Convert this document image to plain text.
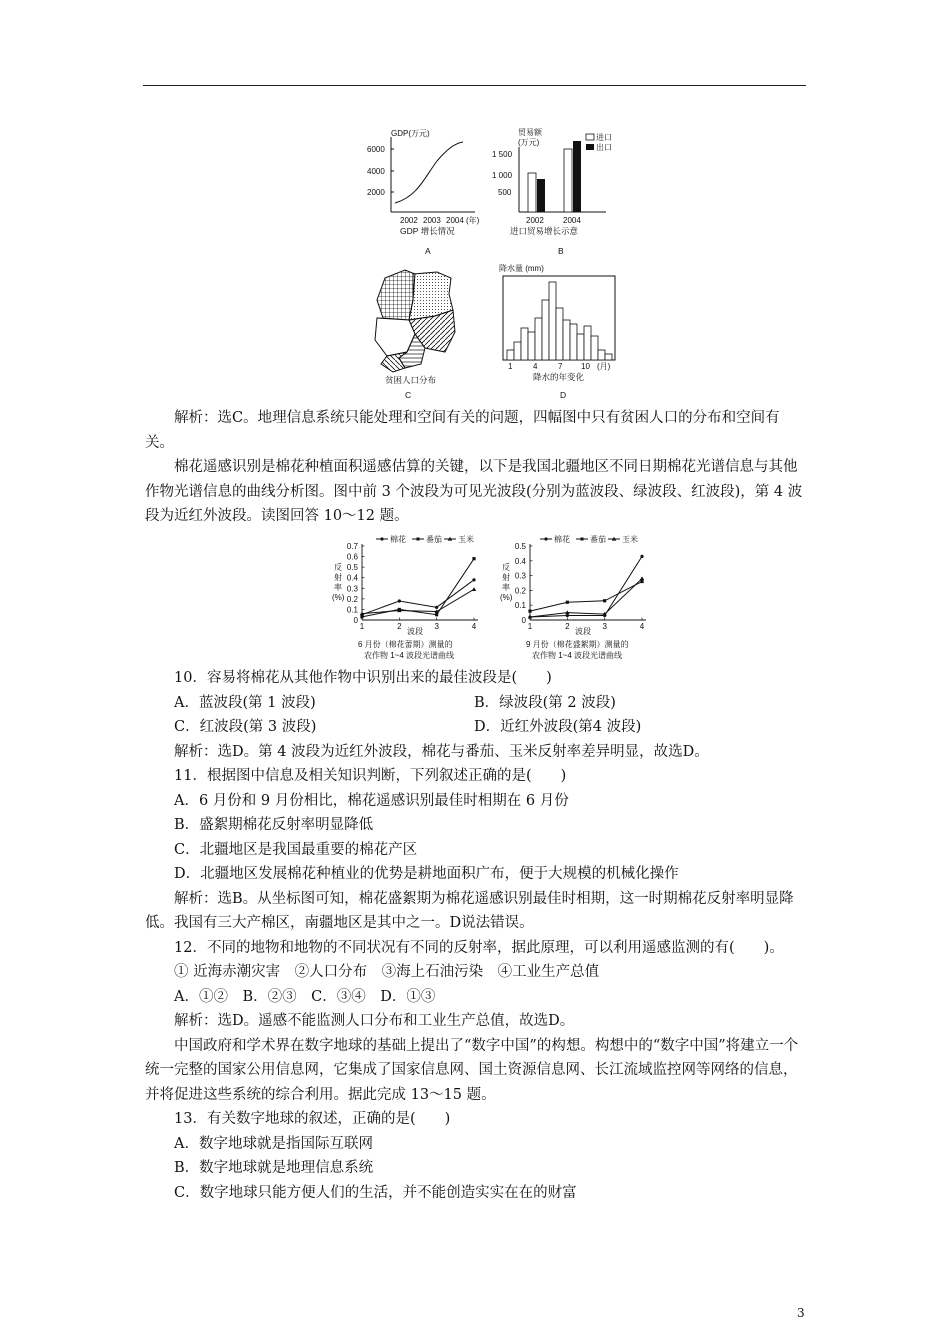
GDP(万元)
6000
4000
2000
2002 2003 2004 (年)
GDP 增长情况
A
贸易额
(万元)
1 500
1 000
500
进口
出口
2002 2004
进口贸易增长示意
B
贫困人口分布
C
降水量 (mm)
1	4	7 10 (月)
降水的年变化
D

解析：选C。地理信息系统只能处理和空间有关的问题，四幅图中只有贫困人口的分布和空间有关。

棉花遥感识别是棉花种植面积遥感估算的关键，以下是我国北疆地区不同日期棉花光谱信息与其他作物光谱信息的曲线分析图。图中前 3 个波段为可见光波段(分别为蓝波段、绿波段、红波段)，第 4 波段为近红外波段。读图回答 10～12 题。

棉花	番茄 玉米
反
射
率
(%)
0.7
0.6
0.5
0.4
0.3
0.2
0.1
0
1	2	3	4
波段
6 月份（棉花蕾期）测量的
农作物 1~4 波段光谱曲线
棉花	番茄 玉米
反
射
率
(%)
0.5
0.4
0.3
0.2
0.1
0
1	2	3	4
波段
9 月份（棉花盛絮期）测量的
农作物 1~4 波段光谱曲线

10．容易将棉花从其他作物中识别出来的最佳波段是(　　)

A．蓝波段(第 1 波段)	B．绿波段(第 2 波段)
C．红波段(第 3 波段)	D．近红外波段(第4 波段)

解析：选D。第 4 波段为近红外波段，棉花与番茄、玉米反射率差异明显，故选D。

11．根据图中信息及相关知识判断，下列叙述正确的是(　　)

A．6 月份和 9 月份相比，棉花遥感识别最佳时相期在 6 月份

B．盛絮期棉花反射率明显降低

C．北疆地区是我国最重要的棉花产区

D．北疆地区发展棉花种植业的优势是耕地面积广布，便于大规模的机械化操作

解析：选B。从坐标图可知，棉花盛絮期为棉花遥感识别最佳时相期，这一时期棉花反射率明显降低。我国有三大产棉区，南疆地区是其中之一。D说法错误。

12．不同的地物和地物的不同状况有不同的反射率，据此原理，可以利用遥感监测的有(　　)。

① 近海赤潮灾害　②人口分布　③海上石油污染　④工业生产总值

A．①②　B．②③　C．③④　D．①③

解析：选D。遥感不能监测人口分布和工业生产总值，故选D。

中国政府和学术界在数字地球的基础上提出了“数字中国”的构想。构想中的“数字中国”将建立一个统一完整的国家公用信息网，它集成了国家信息网、国土资源信息网、长江流域监控网等网络的信息，并将促进这些系统的综合利用。据此完成 13～15 题。

13．有关数字地球的叙述，正确的是(　　)

A．数字地球就是指国际互联网

B．数字地球就是地理信息系统

C．数字地球只能方便人们的生活，并不能创造实实在在的财富

3
